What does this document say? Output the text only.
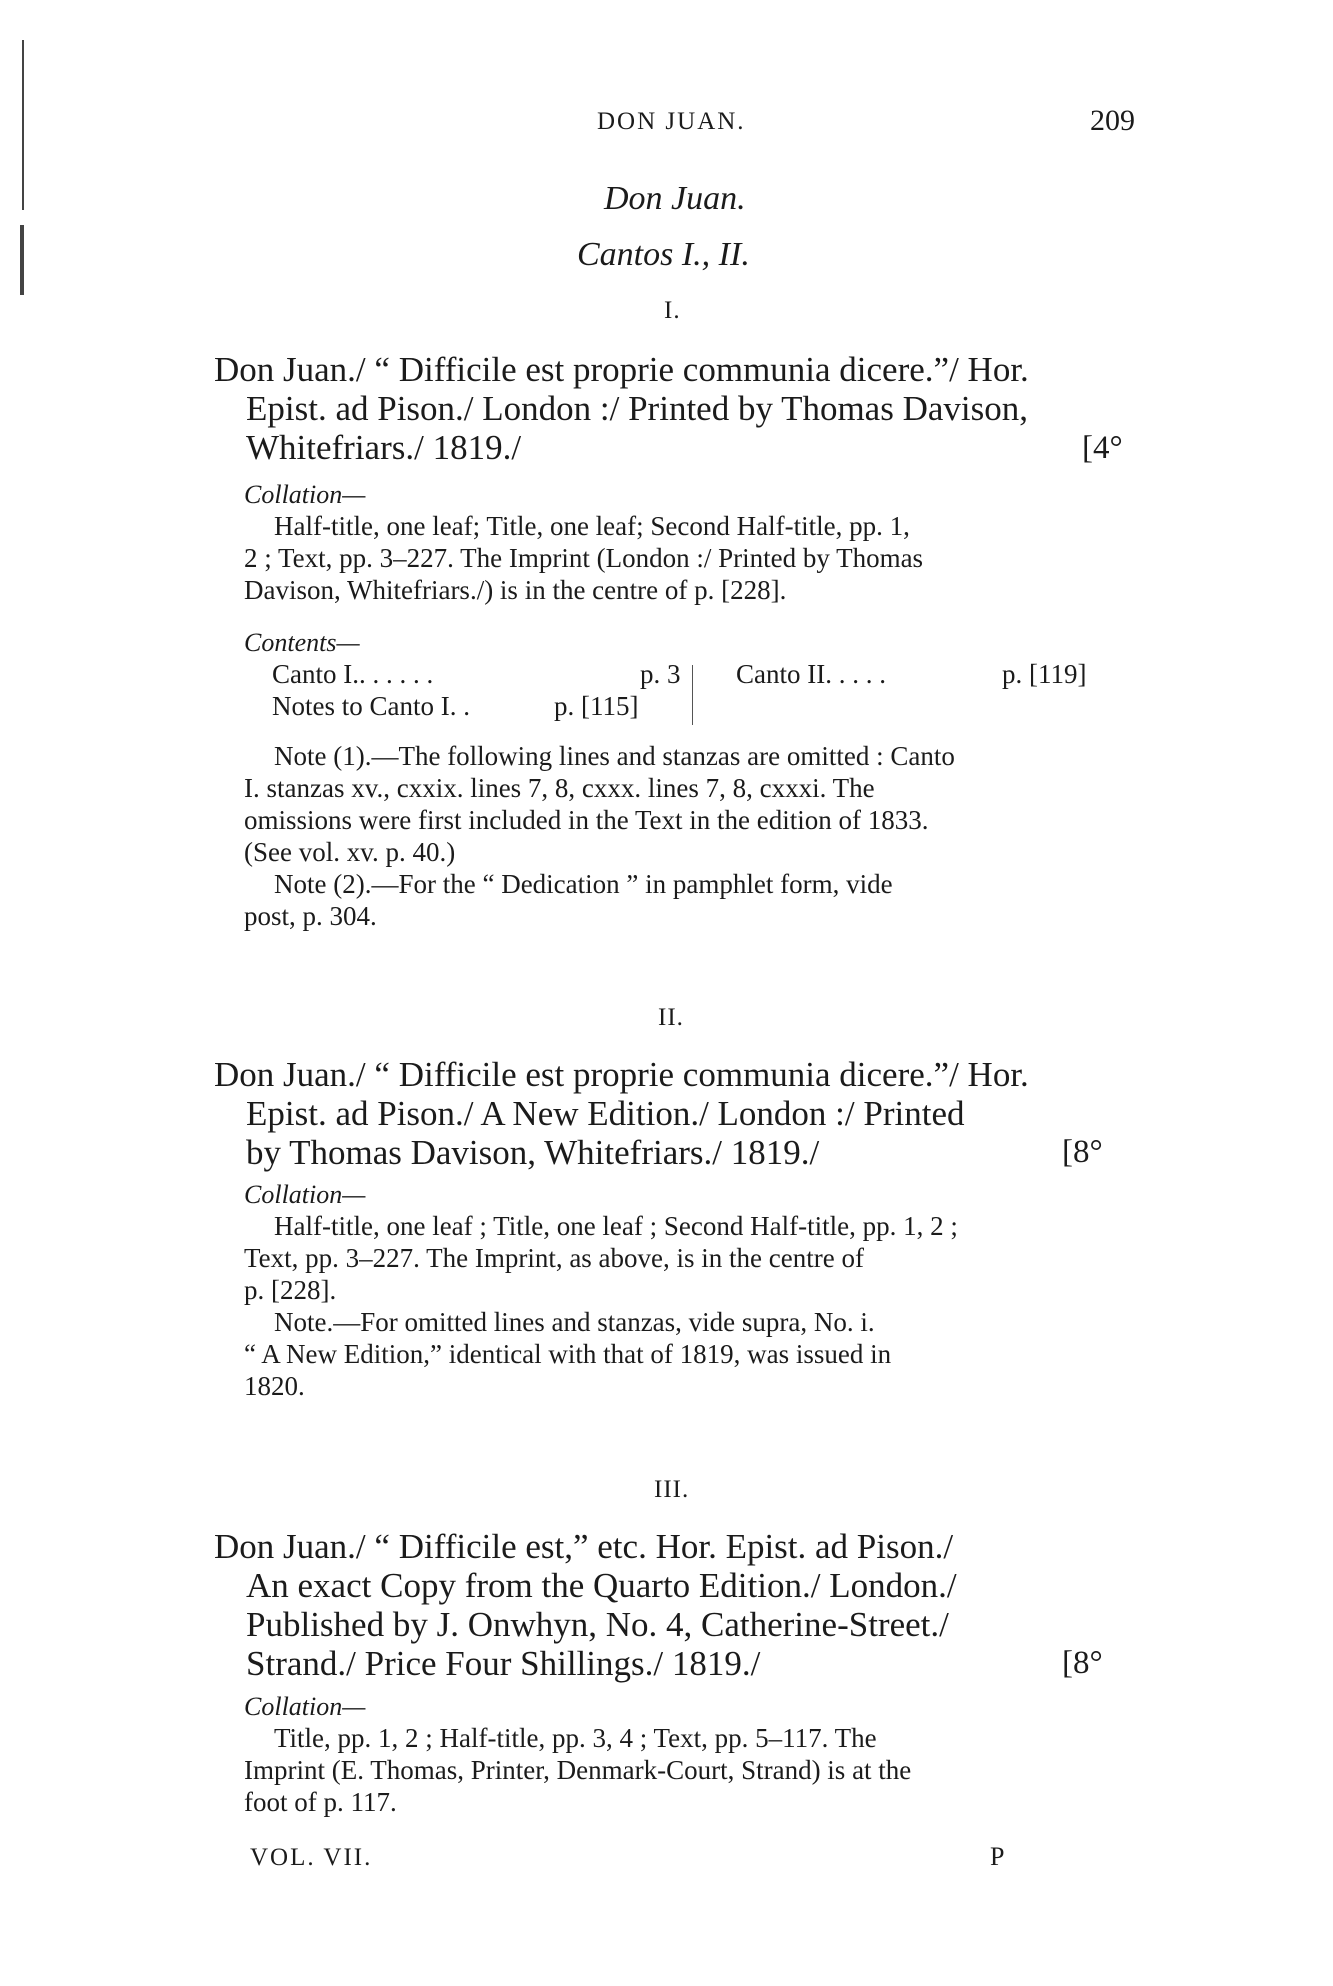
DON JUAN.	209
Don Juan.
Cantos I., II.
I.
Don Juan./ “ Difficile est proprie communia dicere.”/ Hor.
Epist. ad Pison./ London :/ Printed by Thomas Davison,
Whitefriars./ 1819./	[4°
Collation—
Half-title, one leaf; Title, one leaf; Second Half-title, pp. 1,
2 ; Text, pp. 3–227. The Imprint (London :/ Printed by Thomas
Davison, Whitefriars./) is in the centre of p. [228].
Contents—
Canto I.. . . . . .	p. 3
Notes to Canto I. .	p. [115]
Canto II. . . . .	p. [119]
Note (1).—The following lines and stanzas are omitted : Canto
I. stanzas xv., cxxix. lines 7, 8, cxxx. lines 7, 8, cxxxi. The
omissions were first included in the Text in the edition of 1833.
(See vol. xv. p. 40.)
Note (2).—For the “ Dedication ” in pamphlet form, vide
post, p. 304.
II.
Don Juan./ “ Difficile est proprie communia dicere.”/ Hor.
Epist. ad Pison./ A New Edition./ London :/ Printed
by Thomas Davison, Whitefriars./ 1819./	[8°
Collation—
Half-title, one leaf ; Title, one leaf ; Second Half-title, pp. 1, 2 ;
Text, pp. 3–227. The Imprint, as above, is in the centre of
p. [228].
Note.—For omitted lines and stanzas, vide supra, No. i.
“ A New Edition,” identical with that of 1819, was issued in
1820.
III.
Don Juan./ “ Difficile est,” etc. Hor. Epist. ad Pison./
An exact Copy from the Quarto Edition./ London./
Published by J. Onwhyn, No. 4, Catherine-Street./
Strand./ Price Four Shillings./ 1819./	[8°
Collation—
Title, pp. 1, 2 ; Half-title, pp. 3, 4 ; Text, pp. 5–117. The
Imprint (E. Thomas, Printer, Denmark-Court, Strand) is at the
foot of p. 117.
VOL. VII.	P
